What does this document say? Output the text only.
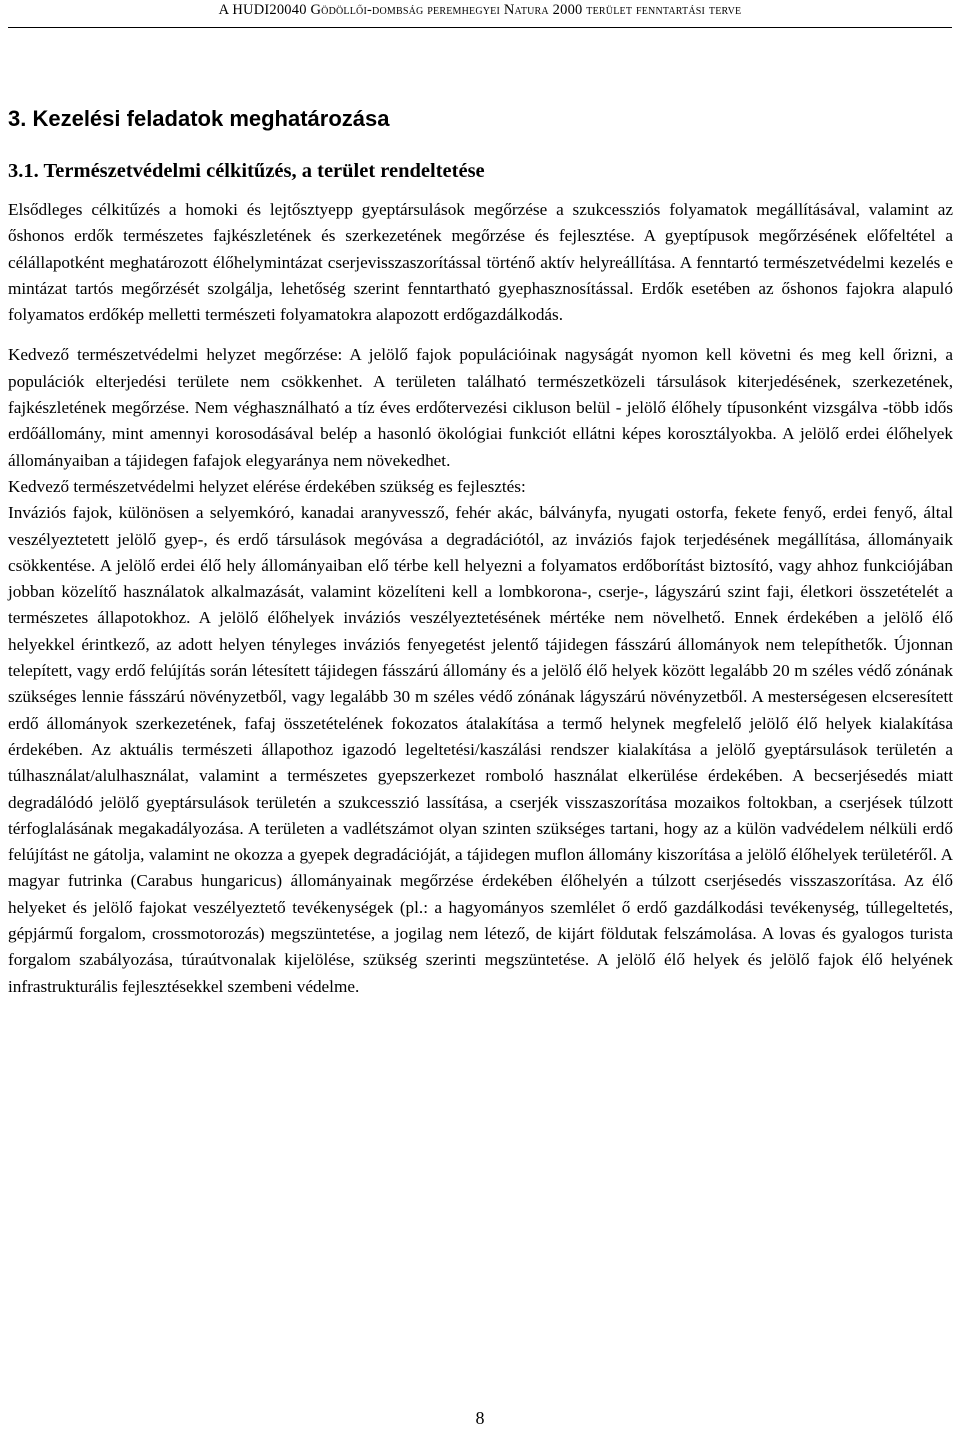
A HUDI20040 Gödöllői-dombság peremhegyei Natura 2000 terület fenntartási terve
3. Kezelési feladatok meghatározása
3.1. Természetvédelmi célkitűzés, a terület rendeltetése

Elsődleges célkitűzés a homoki és lejtősztyepp gyeptársulások megőrzése a szukcessziós folyamatok megállításával, valamint az őshonos erdők természetes fajkészletének és szerkezetének megőrzése és fejlesztése. A gyeptípusok megőrzésének előfeltétel a célállapotként meghatározott élőhelymintázat cserjevisszaszorítással történő aktív helyreállítása. A fenntartó természetvédelmi kezelés e mintázat tartós megőrzését szolgálja, lehetőség szerint fenntartható gyephasznosítással. Erdők esetében az őshonos fajokra alapuló folyamatos erdőkép melletti természeti folyamatokra alapozott erdőgazdálkodás.

Kedvező természetvédelmi helyzet megőrzése: A jelölő fajok populációinak nagyságát nyomon kell követni és meg kell őrizni, a populációk elterjedési területe nem csökkenhet. A területen található természetközeli társulások kiterjedésének, szerkezetének, fajkészletének megőrzése. Nem véghasználható a tíz éves erdőtervezési cikluson belül - jelölő élőhely típusonként vizsgálva -több idős erdőállomány, mint amennyi korosodásával belép a hasonló ökológiai funkciót ellátni képes korosztályokba. A jelölő erdei élőhelyek állományaiban a tájidegen fafajok elegyaránya nem növekedhet.

Kedvező természetvédelmi helyzet elérése érdekében szükség es fejlesztés:

Inváziós fajok, különösen a selyemkóró, kanadai aranyvessző, fehér akác, bálványfa, nyugati ostorfa, fekete fenyő, erdei fenyő, által veszélyeztetett jelölő gyep-, és erdő társulások megóvása a degradációtól, az inváziós fajok terjedésének megállítása, állományaik csökkentése. A jelölő erdei élő hely állományaiban elő térbe kell helyezni a folyamatos erdőborítást biztosító, vagy ahhoz funkciójában jobban közelítő használatok alkalmazását, valamint közelíteni kell a lombkorona-, cserje-, lágyszárú szint faji, életkori összetételét a természetes állapotokhoz. A jelölő élőhelyek inváziós veszélyeztetésének mértéke nem növelhető. Ennek érdekében a jelölő élő helyekkel érintkező, az adott helyen tényleges inváziós fenyegetést jelentő tájidegen fásszárú állományok nem telepíthetők. Újonnan telepített, vagy erdő felújítás során létesített tájidegen fásszárú állomány és a jelölő élő helyek között legalább 20 m széles védő zónának szükséges lennie fásszárú növényzetből, vagy legalább 30 m széles védő zónának lágyszárú növényzetből. A mesterségesen elcseresített erdő állományok szerkezetének, fafaj összetételének fokozatos átalakítása a termő helynek megfelelő jelölő élő helyek kialakítása érdekében. Az aktuális természeti állapothoz igazodó legeltetési/kaszálási rendszer kialakítása a jelölő gyeptársulások területén a túlhasználat/alulhasználat, valamint a természetes gyepszerkezet romboló használat elkerülése érdekében. A becserjésedés miatt degradálódó jelölő gyeptársulások területén a szukcesszió lassítása, a cserjék visszaszorítása mozaikos foltokban, a cserjések túlzott térfoglalásának megakadályozása. A területen a vadlétszámot olyan szinten szükséges tartani, hogy az a külön vadvédelem nélküli erdő felújítást ne gátolja, valamint ne okozza a gyepek degradációját, a tájidegen muflon állomány kiszorítása a jelölő élőhelyek területéről. A magyar futrinka (Carabus hungaricus) állományainak megőrzése érdekében élőhelyén a túlzott cserjésedés visszaszorítása. Az élő helyeket és jelölő fajokat veszélyeztető tevékenységek (pl.: a hagyományos szemlélet ő erdő gazdálkodási tevékenység, túllegeltetés, gépjármű forgalom, crossmotorozás) megszüntetése, a jogilag nem létező, de kijárt földutak felszámolása. A lovas és gyalogos turista forgalom szabályozása, túraútvonalak kijelölése, szükség szerinti megszüntetése. A jelölő élő helyek és jelölő fajok élő helyének infrastrukturális fejlesztésekkel szembeni védelme.

8
